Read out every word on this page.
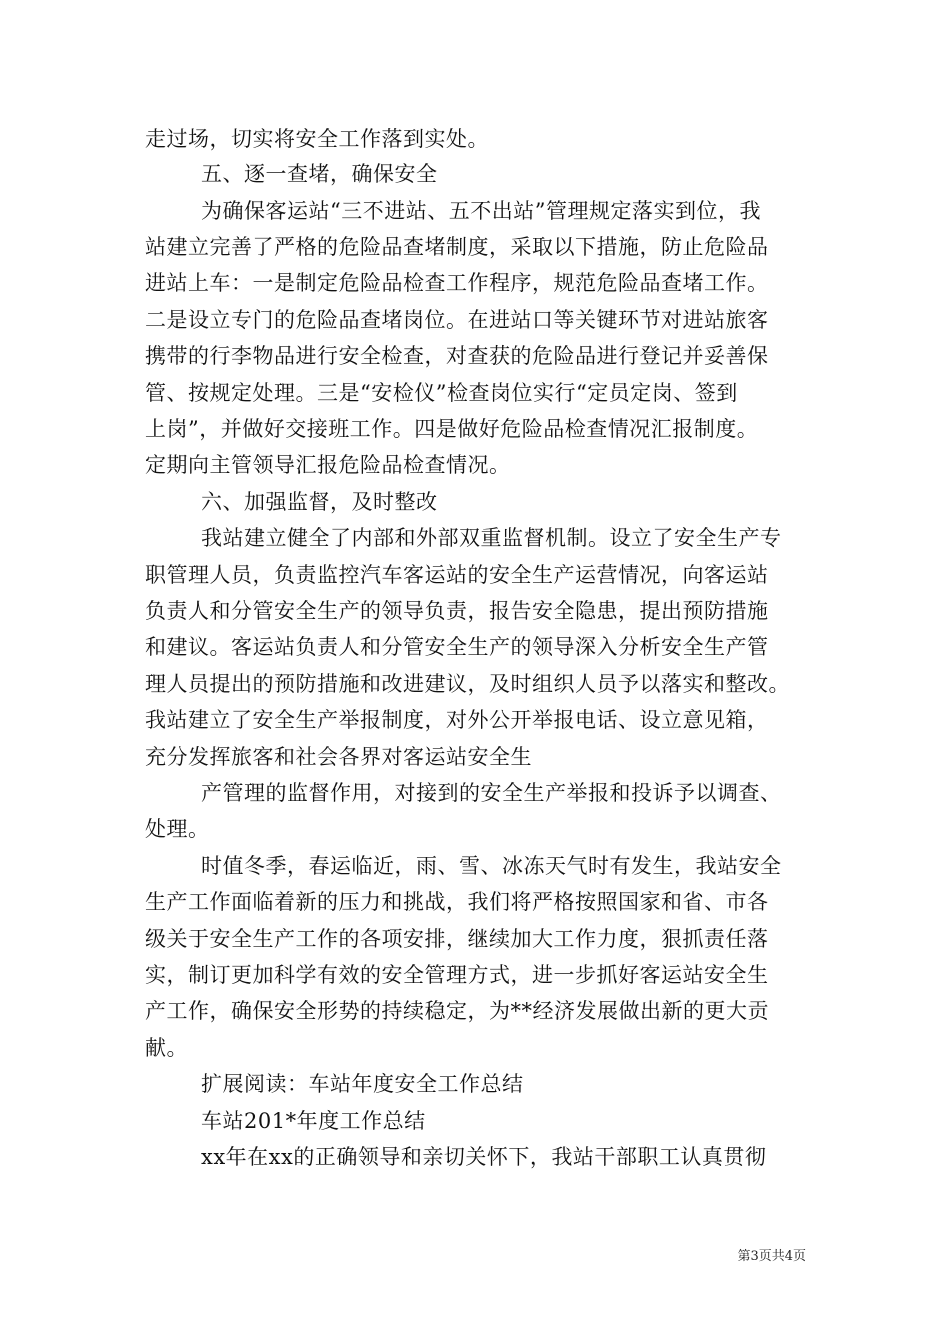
走过场，切实将安全工作落到实处。
五、逐一查堵，确保安全
为确保客运站“三不进站、五不出站”管理规定落实到位，我
站建立完善了严格的危险品查堵制度，采取以下措施，防止危险品
进站上车：一是制定危险品检查工作程序，规范危险品查堵工作。
二是设立专门的危险品查堵岗位。在进站口等关键环节对进站旅客
携带的行李物品进行安全检查，对查获的危险品进行登记并妥善保
管、按规定处理。三是“安检仪”检查岗位实行“定员定岗、签到
上岗”，并做好交接班工作。四是做好危险品检查情况汇报制度。
定期向主管领导汇报危险品检查情况。
六、加强监督，及时整改
我站建立健全了内部和外部双重监督机制。设立了安全生产专
职管理人员，负责监控汽车客运站的安全生产运营情况，向客运站
负责人和分管安全生产的领导负责，报告安全隐患，提出预防措施
和建议。客运站负责人和分管安全生产的领导深入分析安全生产管
理人员提出的预防措施和改进建议，及时组织人员予以落实和整改。
我站建立了安全生产举报制度，对外公开举报电话、设立意见箱，
充分发挥旅客和社会各界对客运站安全生
产管理的监督作用，对接到的安全生产举报和投诉予以调查、
处理。
时值冬季，春运临近，雨、雪、冰冻天气时有发生，我站安全
生产工作面临着新的压力和挑战，我们将严格按照国家和省、市各
级关于安全生产工作的各项安排，继续加大工作力度，狠抓责任落
实，制订更加科学有效的安全管理方式，进一步抓好客运站安全生
产工作，确保安全形势的持续稳定，为**经济发展做出新的更大贡
献。
扩展阅读：车站年度安全工作总结
车站201*年度工作总结
xx年在xx的正确领导和亲切关怀下，我站干部职工认真贯彻
第3页共4页
